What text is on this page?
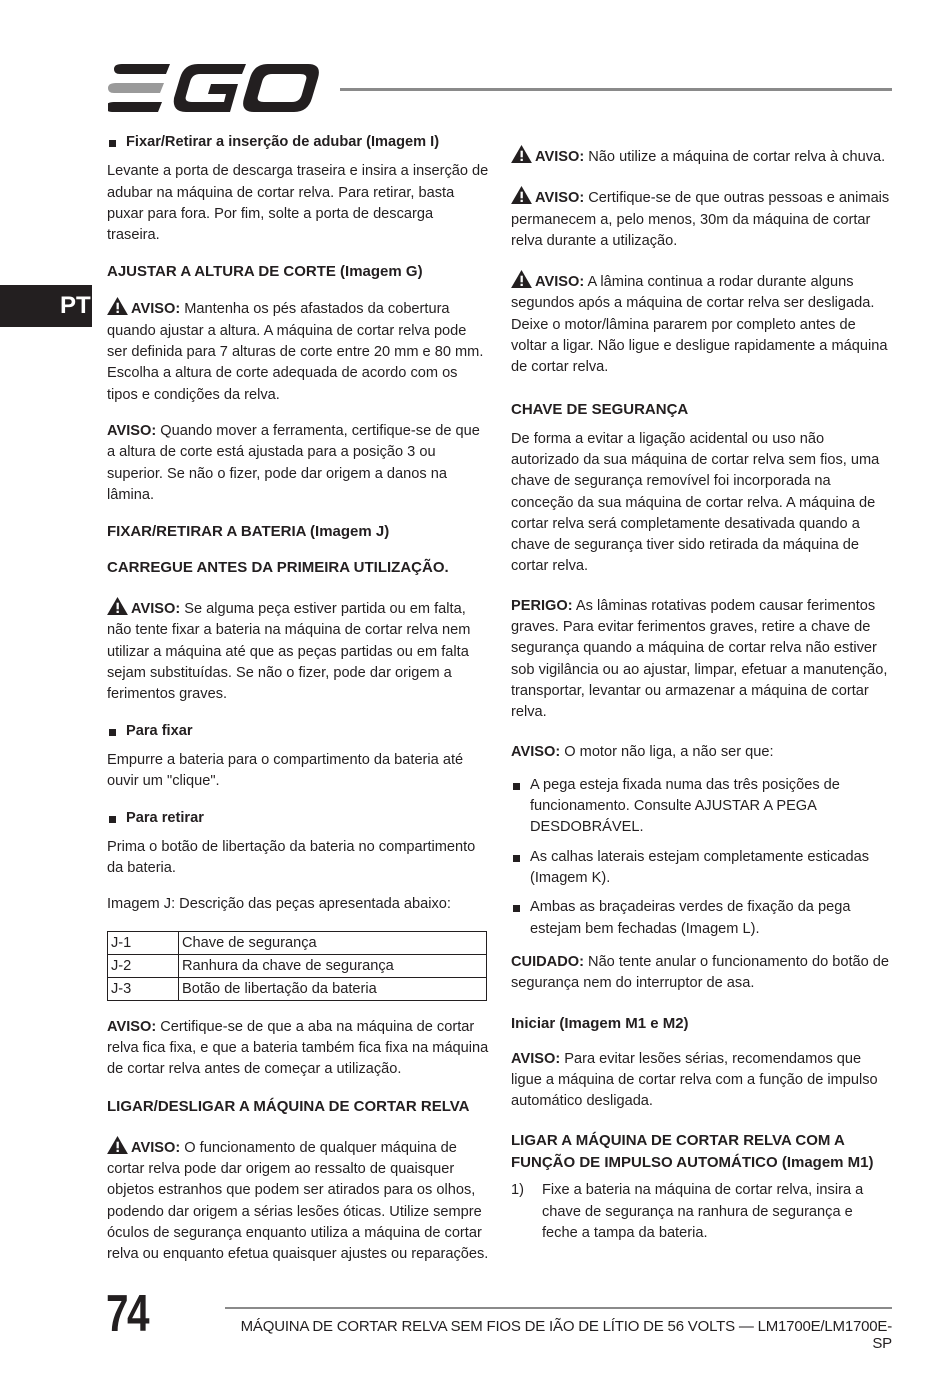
PT
Fixar/Retirar a inserção de adubar (Imagem I)

Levante a porta de descarga traseira e insira a inserção de adubar na máquina de cortar relva. Para retirar, basta puxar para fora. Por fim, solte a porta de descarga traseira.

AJUSTAR A ALTURA DE CORTE (Imagem G)

AVISO: Mantenha os pés afastados da cobertura quando ajustar a altura. A máquina de cortar relva pode ser definida para 7 alturas de corte entre 20 mm e 80 mm. Escolha a altura de corte adequada de acordo com os tipos e condições da relva.

AVISO: Quando mover a ferramenta, certifique-se de que a altura de corte está ajustada para a posição 3 ou superior. Se não o fizer, pode dar origem a danos na lâmina.

FIXAR/RETIRAR A BATERIA (Imagem J)
CARREGUE ANTES DA PRIMEIRA UTILIZAÇÃO.

AVISO: Se alguma peça estiver partida ou em falta, não tente fixar a bateria na máquina de cortar relva nem utilizar a máquina até que as peças partidas ou em falta sejam substituídas. Se não o fizer, pode dar origem a ferimentos graves.

Para fixar

Empurre a bateria para o compartimento da bateria até ouvir um "clique".

Para retirar

Prima o botão de libertação da bateria no compartimento da bateria.

Imagem J: Descrição das peças apresentada abaixo:

J-1	Chave de segurança
J-2	Ranhura da chave de segurança
J-3	Botão de libertação da bateria

AVISO: Certifique-se de que a aba na máquina de cortar relva fica fixa, e que a bateria também fica fixa na máquina de cortar relva antes de começar a utilização.

LIGAR/DESLIGAR A MÁQUINA DE CORTAR RELVA

AVISO: O funcionamento de qualquer máquina de cortar relva pode dar origem ao ressalto de quaisquer objetos estranhos que podem ser atirados para os olhos, podendo dar origem a sérias lesões óticas. Utilize sempre óculos de segurança enquanto utiliza a máquina de cortar relva ou enquanto efetua quaisquer ajustes ou reparações.

AVISO: Não utilize a máquina de cortar relva à chuva.

AVISO: Certifique-se de que outras pessoas e animais permanecem a, pelo menos, 30m da máquina de cortar relva durante a utilização.

AVISO: A lâmina continua a rodar durante alguns segundos após a máquina de cortar relva ser desligada. Deixe o motor/lâmina pararem por completo antes de voltar a ligar. Não ligue e desligue rapidamente a máquina de cortar relva.

CHAVE DE SEGURANÇA

De forma a evitar a ligação acidental ou uso não autorizado da sua máquina de cortar relva sem fios, uma chave de segurança removível foi incorporada na conceção da sua máquina de cortar relva. A máquina de cortar relva será completamente desativada quando a chave de segurança tiver sido retirada da máquina de cortar relva.

PERIGO: As lâminas rotativas podem causar ferimentos graves. Para evitar ferimentos graves, retire a chave de segurança quando a máquina de cortar relva não estiver sob vigilância ou ao ajustar, limpar, efetuar a manutenção, transportar, levantar ou armazenar a máquina de cortar relva.

AVISO: O motor não liga, a não ser que:

A pega esteja fixada numa das três posições de funcionamento. Consulte AJUSTAR A PEGA DESDOBRÁVEL.
As calhas laterais estejam completamente esticadas (Imagem K).
Ambas as braçadeiras verdes de fixação da pega estejam bem fechadas (Imagem L).

CUIDADO: Não tente anular o funcionamento do botão de segurança nem do interruptor de asa.

Iniciar (Imagem M1 e M2)

AVISO: Para evitar lesões sérias, recomendamos que ligue a máquina de cortar relva com a função de impulso automático desligada.

LIGAR A MÁQUINA DE CORTAR RELVA COM A FUNÇÃO DE IMPULSO AUTOMÁTICO (Imagem M1)
1) Fixe a bateria na máquina de cortar relva, insira a chave de segurança na ranhura de segurança e feche a tampa da bateria.
74	MÁQUINA DE CORTAR RELVA SEM FIOS DE IÃO DE LÍTIO DE 56 VOLTS — LM1700E/LM1700E-SP
